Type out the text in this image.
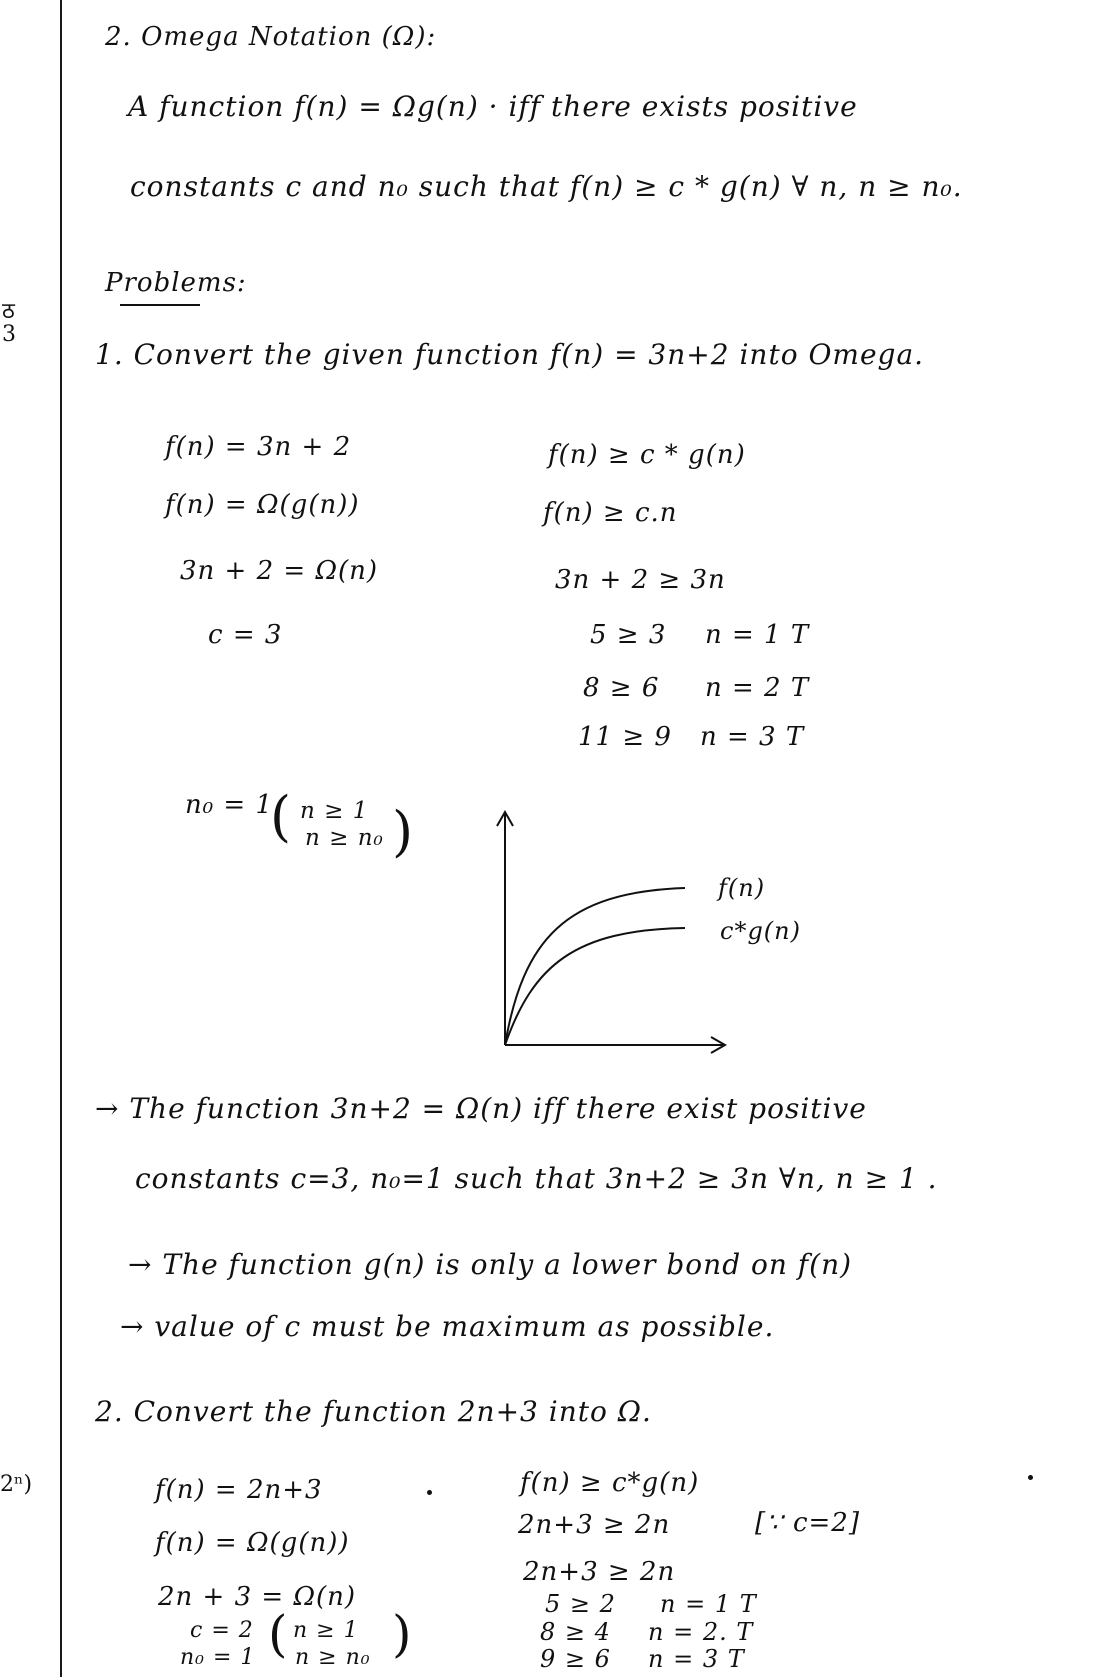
ठ
3
2ⁿ)
2. Omega Notation (Ω):
A function f(n) = Ωg(n) · iff there exists positive
constants c and n₀ such that f(n) ≥ c * g(n) ∀ n, n ≥ n₀.
Problems:
1. Convert the given function f(n) = 3n+2 into Omega.
f(n) = 3n + 2
f(n) = Ω(g(n))
3n + 2 = Ω(n)
c = 3
f(n) ≥ c * g(n)
f(n) ≥ c.n
3n + 2 ≥ 3n
5 ≥ 3 n = 1 T
8 ≥ 6 n = 2 T
11 ≥ 9 n = 3 T
n₀ = 1
( n ≥ 1
n ≥ n₀ )
f(n)
c*g(n)
→ The function 3n+2 = Ω(n) iff there exist positive
constants c=3, n₀=1 such that 3n+2 ≥ 3n ∀n, n ≥ 1 .
→ The function g(n) is only a lower bond on f(n)
→ value of c must be maximum as possible.
2. Convert the function 2n+3 into Ω.
f(n) = 2n+3
f(n) = Ω(g(n))
2n + 3 = Ω(n)
c = 2
n₀ = 1 ( n ≥ 1
n ≥ n₀ )
f(n) ≥ c*g(n)
2n+3 ≥ 2n	[∵ c=2]
2n+3 ≥ 2n
5 ≥ 2 n = 1 T
8 ≥ 4 n = 2. T
9 ≥ 6 n = 3 T
